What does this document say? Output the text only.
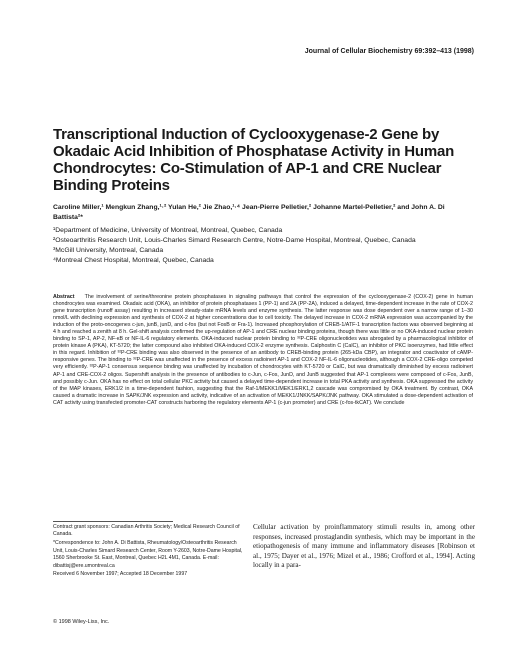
Journal of Cellular Biochemistry 69:392–413 (1998)
Transcriptional Induction of Cyclooxygenase-2 Gene by Okadaic Acid Inhibition of Phosphatase Activity in Human Chondrocytes: Co-Stimulation of AP-1 and CRE Nuclear Binding Proteins
Caroline Miller,¹ Mengkun Zhang,¹·² Yulan He,² Jie Zhao,¹·⁴ Jean-Pierre Pelletier,² Johanne Martel-Pelletier,² and John A. Di Battista²*
¹Department of Medicine, University of Montreal, Montreal, Quebec, Canada
²Osteoarthritis Research Unit, Louis-Charles Simard Research Centre, Notre-Dame Hospital, Montreal, Quebec, Canada
³McGill University, Montreal, Canada
⁴Montreal Chest Hospital, Montreal, Quebec, Canada
Abstract The involvement of serine/threonine protein phosphatases in signaling pathways that control the expression of the cyclooxygenase-2 (COX-2) gene in human chondrocytes was examined. Okadaic acid (OKA), an inhibitor of protein phosphatases 1 (PP-1) and 2A (PP-2A), induced a delayed, time-dependent increase in the rate of COX-2 gene transcription (runoff assay) resulting in increased steady-state mRNA levels and enzyme synthesis. The latter response was dose dependent over a narrow range of 1–30 nmol/L with declining expression and synthesis of COX-2 at higher concentrations due to cell toxicity. The delayed increase in COX-2 mRNA expression was accompanied by the induction of the proto-oncogenes c-jun, junB, junD, and c-fos (but not FosB or Fra-1). Increased phosphorylation of CREB-1/ATF-1 transcription factors was observed beginning at 4 h and reached a zenith at 8 h. Gel-shift analysis confirmed the up-regulation of AP-1 and CRE nuclear binding proteins, though there was little or no OKA-induced nuclear protein binding to SP-1, AP-2, NF-κB or NF-IL-6 regulatory elements. OKA-induced nuclear protein binding to ³²P-CRE oligonucleotides was abrogated by a pharmacological inhibitor of protein kinase A (PKA), KT-5720; the latter compound also inhibited OKA-induced COX-2 enzyme synthesis. Calphostin C (CalC), an inhibitor of PKC isoenzymes, had little effect in this regard. Inhibition of ³²P-CRE binding was also observed in the presence of an antibody to CREB-binding protein (265-kDa CBP), an integrator and coactivator of cAMP-responsive genes. The binding to ³²P-CRE was unaffected in the presence of excess radioinert AP-1 and COX-2 NF-IL-6 oligonucleotides, although a COX-2 CRE-oligo competed very efficiently. ³²P-AP-1 consensus sequence binding was unaffected by incubation of chondrocytes with KT-5720 or CalC, but was dramatically diminished by excess radioinert AP-1 and CRE-COX-2 oligos. Supershift analysis in the presence of antibodies to c-Jun, c-Fos, JunD, and JunB suggested that AP-1 complexes were composed of c-Fos, JunB, and possibly c-Jun. OKA has no effect on total cellular PKC activity but caused a delayed time-dependent increase in total PKA activity and synthesis. OKA suppressed the activity of the MAP kinases, ERK1/2 in a time-dependent fashion, suggesting that the Raf-1/MEKK1/MEK1/ERK1,2 cascade was compromised by OKA treatment. By contrast, OKA caused a dramatic increase in SAPK/JNK expression and activity, indicative of an activation of MEKK1/JNKK/SAPK/JNK pathway. OKA stimulated a dose-dependent activation of CAT activity using transfected promoter-CAT constructs harboring the regulatory elements AP-1 (c-jun promoter) and CRE (c-fos-tkCAT). We conclude

Contract grant sponsors: Canadian Arthritis Society; Medical Research Council of Canada.

*Correspondence to: John A. Di Battista, Rheumatology/Osteoarthritis Research Unit, Louis-Charles Simard Research Center, Room Y-2603, Notre-Dame Hospital, 1560 Sherbrooke St. East, Montreal, Quebec H2L 4M1, Canada. E-mail: dibattisj@ere.umontreal.ca

Received 6 November 1997; Accepted 18 December 1997

Cellular activation by proinflammatory stimuli results in, among other responses, increased prostaglandin synthesis, which may be important in the etiopathogenesis of many immune and inflammatory diseases [Robinson et al., 1975; Dayer et al., 1976; Mizel et al., 1986; Crofford et al., 1994]. Acting locally in a para-
© 1998 Wiley-Liss, Inc.
